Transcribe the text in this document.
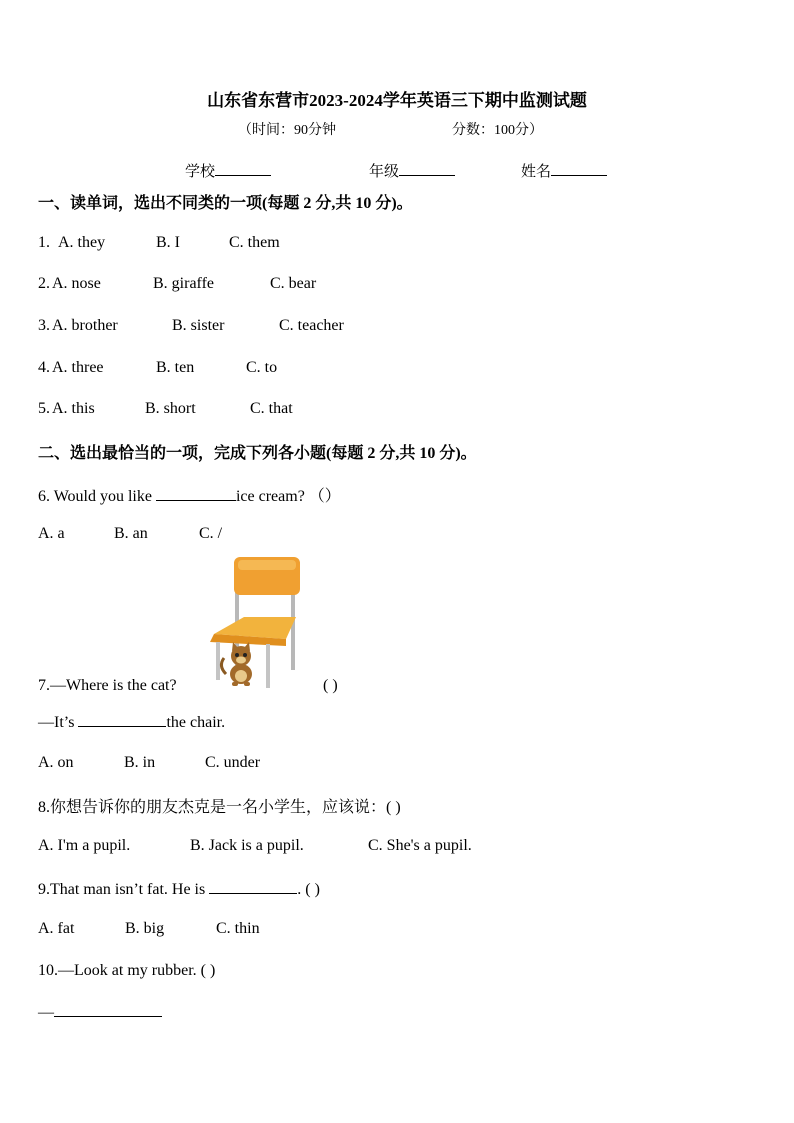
山东省东营市2023-2024学年英语三下期中监测试题
（时间：90分钟	分数：100分）
学校	年级	姓名
一、读单词，选出不同类的一项(每题 2 分,共 10 分)。
1. A. they	B. I	C. them
2. A. nose	B. giraffe	C. bear
3. A. brother	B. sister	C. teacher
4. A. three	B. ten	C. to
5. A. this	B. short	C. that
二、选出最恰当的一项，完成下列各小题(每题 2 分,共 10 分)。
6. Would you like	ice cream? （）
A. a	B. an	C. /
7.—Where is the cat?	( )
—It’s	the chair.
A. on	B. in	C. under
8.你想告诉你的朋友杰克是一名小学生，应该说：( )
A. I'm a pupil.	B. Jack is a pupil.	C. She's a pupil.
9.That man isn’t fat. He is	. ( )
A. fat	B. big	C. thin
10.—Look at my rubber. ( )
—
